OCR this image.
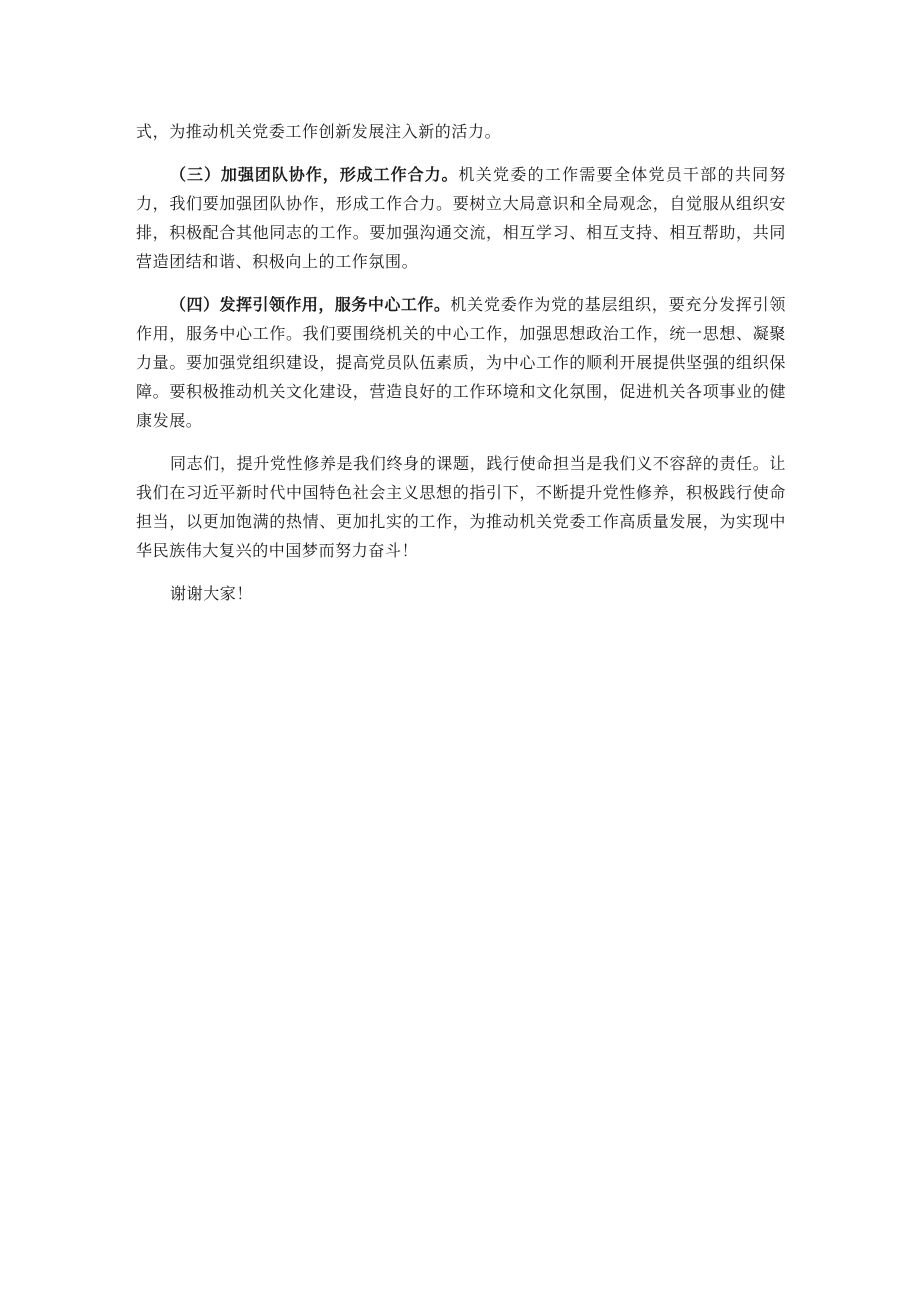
式，为推动机关党委工作创新发展注入新的活力。

（三）加强团队协作，形成工作合力。机关党委的工作需要全体党员干部的共同努力，我们要加强团队协作，形成工作合力。要树立大局意识和全局观念，自觉服从组织安排，积极配合其他同志的工作。要加强沟通交流，相互学习、相互支持、相互帮助，共同营造团结和谐、积极向上的工作氛围。

（四）发挥引领作用，服务中心工作。机关党委作为党的基层组织，要充分发挥引领作用，服务中心工作。我们要围绕机关的中心工作，加强思想政治工作，统一思想、凝聚力量。要加强党组织建设，提高党员队伍素质，为中心工作的顺利开展提供坚强的组织保障。要积极推动机关文化建设，营造良好的工作环境和文化氛围，促进机关各项事业的健康发展。

同志们，提升党性修养是我们终身的课题，践行使命担当是我们义不容辞的责任。让我们在习近平新时代中国特色社会主义思想的指引下，不断提升党性修养，积极践行使命担当，以更加饱满的热情、更加扎实的工作，为推动机关党委工作高质量发展，为实现中华民族伟大复兴的中国梦而努力奋斗！

谢谢大家！
